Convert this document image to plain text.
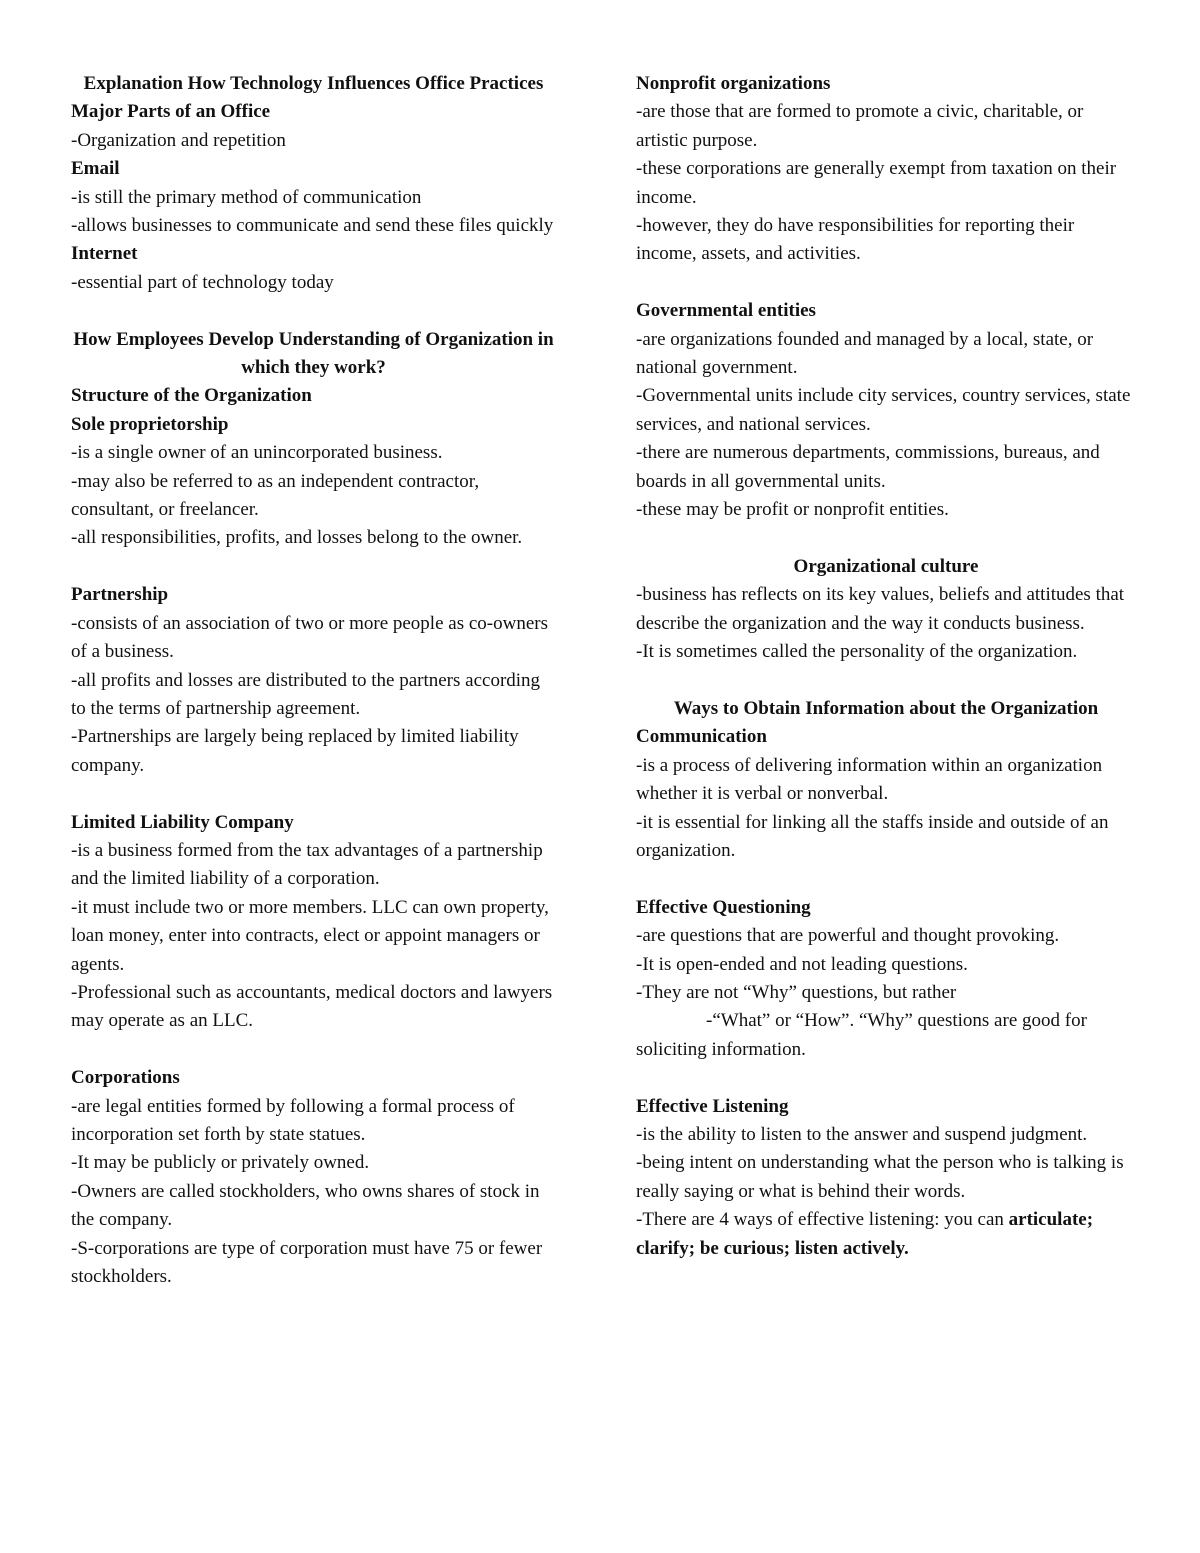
Explanation How Technology Influences Office Practices

Major Parts of an Office

-Organization and repetition

Email

-is still the primary method of communication

-allows businesses to communicate and send these files quickly

Internet

-essential part of technology today

How Employees Develop Understanding of Organization in which they work?

Structure of the Organization

Sole proprietorship

-is a single owner of an unincorporated business.

-may also be referred to as an independent contractor, consultant, or freelancer.

-all responsibilities, profits, and losses belong to the owner.

Partnership

-consists of an association of two or more people as co-owners of a business.

-all profits and losses are distributed to the partners according to the terms of partnership agreement.

-Partnerships are largely being replaced by limited liability company.

Limited Liability Company

-is a business formed from the tax advantages of a partnership and the limited liability of a corporation.

-it must include two or more members. LLC can own property, loan money, enter into contracts, elect or appoint managers or agents.

-Professional such as accountants, medical doctors and lawyers may operate as an LLC.

Corporations

-are legal entities formed by following a formal process of incorporation set forth by state statues.

-It may be publicly or privately owned.

-Owners are called stockholders, who owns shares of stock in the company.

-S-corporations are type of corporation must have 75 or fewer stockholders.

Nonprofit organizations

-are those that are formed to promote a civic, charitable, or artistic purpose.

-these corporations are generally exempt from taxation on their income.

-however, they do have responsibilities for reporting their income, assets, and activities.

Governmental entities

-are organizations founded and managed by a local, state, or national government.

-Governmental units include city services, country services, state services, and national services.

-there are numerous departments, commissions, bureaus, and boards in all governmental units.

-these may be profit or nonprofit entities.

Organizational culture

-business has reflects on its key values, beliefs and attitudes that describe the organization and the way it conducts business.

-It is sometimes called the personality of the organization.

Ways to Obtain Information about the Organization

Communication

-is a process of delivering information within an organization whether it is verbal or nonverbal.

-it is essential for linking all the staffs inside and outside of an organization.

Effective Questioning

-are questions that are powerful and thought provoking.

-It is open-ended and not leading questions.

-They are not “Why” questions, but rather

-“What” or “How”. “Why” questions are good for soliciting information.

Effective Listening

-is the ability to listen to the answer and suspend judgment.

-being intent on understanding what the person who is talking is really saying or what is behind their words.

-There are 4 ways of effective listening: you can articulate; clarify; be curious; listen actively.
